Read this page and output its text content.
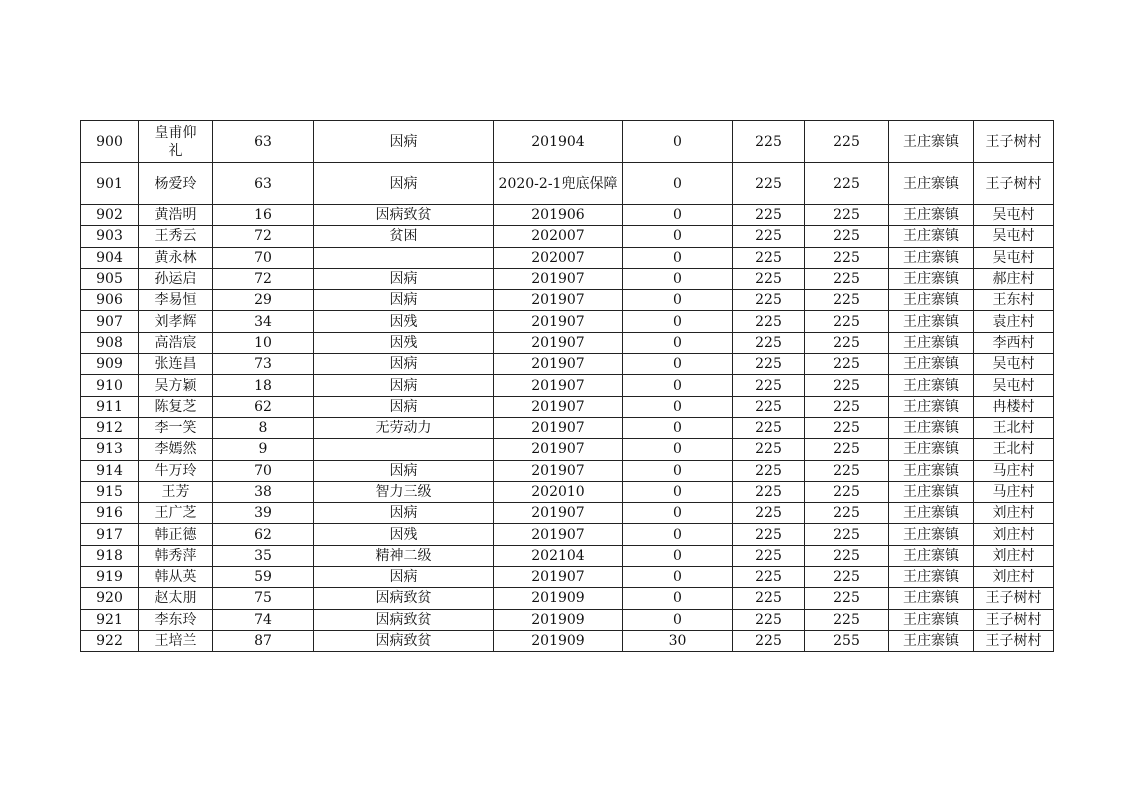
900	皇甫仰礼	63	因病	201904	0	225	225	王庄寨镇	王子树村
901	杨爱玲	63	因病	2020-2-1兜底保障	0	225	225	王庄寨镇	王子树村
902	黄浩明	16	因病致贫	201906	0	225	225	王庄寨镇	吴屯村
903	王秀云	72	贫困	202007	0	225	225	王庄寨镇	吴屯村
904	黄永林	70		202007	0	225	225	王庄寨镇	吴屯村
905	孙运启	72	因病	201907	0	225	225	王庄寨镇	郝庄村
906	李易恒	29	因病	201907	0	225	225	王庄寨镇	王东村
907	刘孝辉	34	因残	201907	0	225	225	王庄寨镇	袁庄村
908	高浩宸	10	因残	201907	0	225	225	王庄寨镇	李西村
909	张连昌	73	因病	201907	0	225	225	王庄寨镇	吴屯村
910	吴方颖	18	因病	201907	0	225	225	王庄寨镇	吴屯村
911	陈复芝	62	因病	201907	0	225	225	王庄寨镇	冉楼村
912	李一笑	8	无劳动力	201907	0	225	225	王庄寨镇	王北村
913	李嫣然	9		201907	0	225	225	王庄寨镇	王北村
914	牛万玲	70	因病	201907	0	225	225	王庄寨镇	马庄村
915	王芳	38	智力三级	202010	0	225	225	王庄寨镇	马庄村
916	王广芝	39	因病	201907	0	225	225	王庄寨镇	刘庄村
917	韩正德	62	因残	201907	0	225	225	王庄寨镇	刘庄村
918	韩秀萍	35	精神二级	202104	0	225	225	王庄寨镇	刘庄村
919	韩从英	59	因病	201907	0	225	225	王庄寨镇	刘庄村
920	赵太朋	75	因病致贫	201909	0	225	225	王庄寨镇	王子树村
921	李东玲	74	因病致贫	201909	0	225	225	王庄寨镇	王子树村
922	王培兰	87	因病致贫	201909	30	225	255	王庄寨镇	王子树村
